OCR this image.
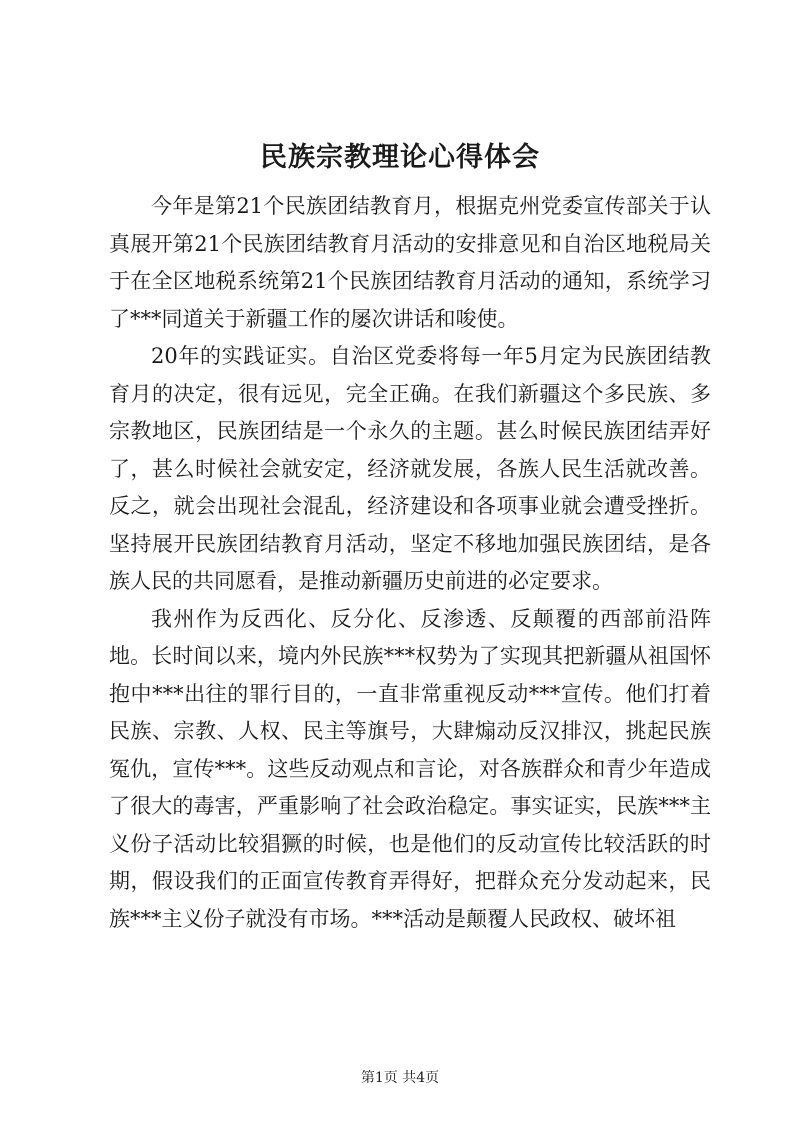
民族宗教理论心得体会

今年是第21个民族团结教育月，根据克州党委宣传部关于认真展开第21个民族团结教育月活动的安排意见和自治区地税局关于在全区地税系统第21个民族团结教育月活动的通知，系统学习了***同道关于新疆工作的屡次讲话和唆使。

20年的实践证实。自治区党委将每一年5月定为民族团结教育月的决定，很有远见，完全正确。在我们新疆这个多民族、多宗教地区，民族团结是一个永久的主题。甚么时候民族团结弄好了，甚么时候社会就安定，经济就发展，各族人民生活就改善。反之，就会出现社会混乱，经济建设和各项事业就会遭受挫折。坚持展开民族团结教育月活动，坚定不移地加强民族团结，是各族人民的共同愿看，是推动新疆历史前进的必定要求。

我州作为反西化、反分化、反渗透、反颠覆的西部前沿阵地。长时间以来，境内外民族***权势为了实现其把新疆从祖国怀抱中***出往的罪行目的，一直非常重视反动***宣传。他们打着民族、宗教、人权、民主等旗号，大肆煽动反汉排汉，挑起民族冤仇，宣传***。这些反动观点和言论，对各族群众和青少年造成了很大的毒害，严重影响了社会政治稳定。事实证实，民族***主义份子活动比较猖獗的时候，也是他们的反动宣传比较活跃的时期，假设我们的正面宣传教育弄得好，把群众充分发动起来，民族***主义份子就没有市场。***活动是颠覆人民政权、破坏祖

第1页 共4页
